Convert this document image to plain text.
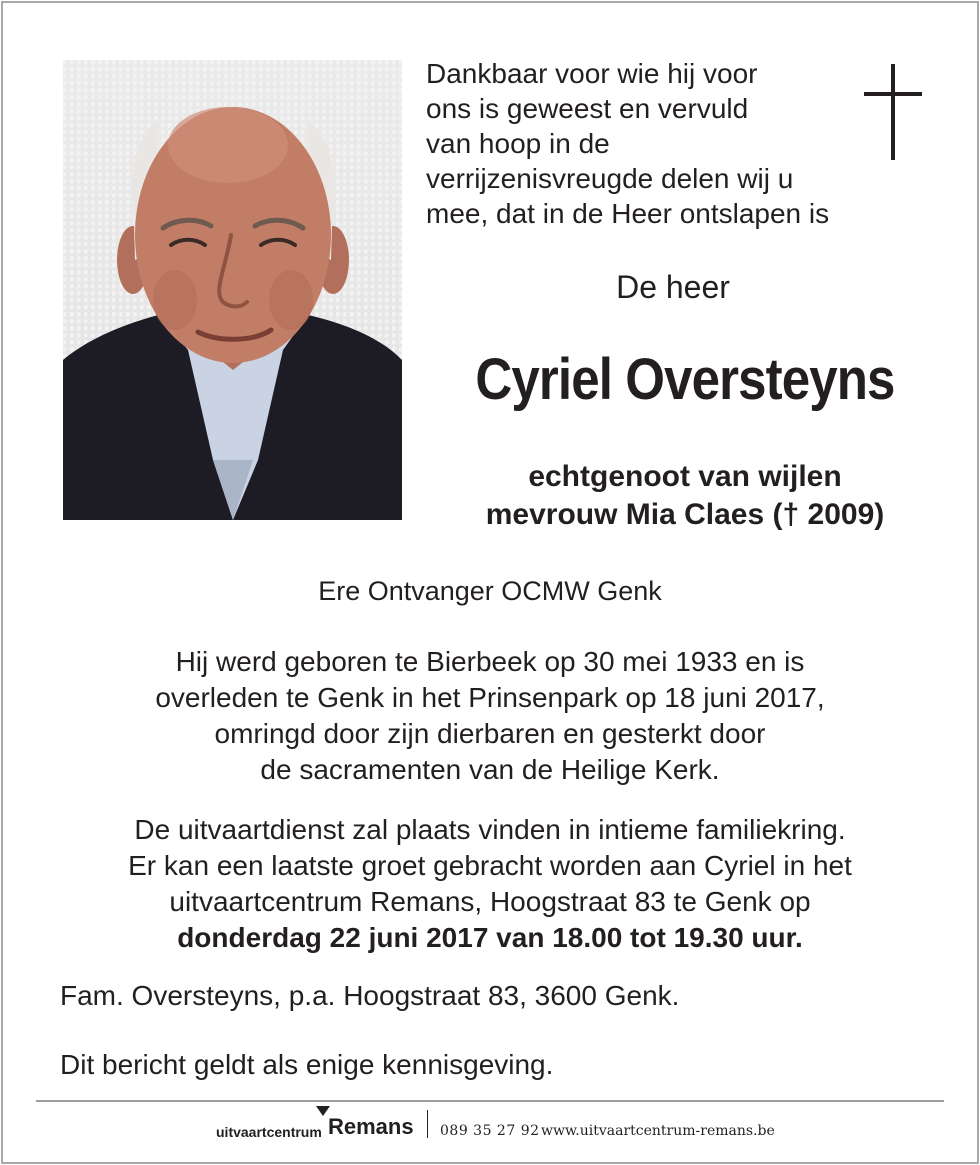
Dankbaar voor wie hij voor
ons is geweest en vervuld
van hoop in de
verrijzenisvreugde delen wij u
mee, dat in de Heer ontslapen is
De heer
Cyriel Oversteyns
echtgenoot van wijlen
mevrouw Mia Claes († 2009)
Ere Ontvanger OCMW Genk
Hij werd geboren te Bierbeek op 30 mei 1933 en is
overleden te Genk in het Prinsenpark op 18 juni 2017,
omringd door zijn dierbaren en gesterkt door
de sacramenten van de Heilige Kerk.
De uitvaartdienst zal plaats vinden in intieme familiekring.
Er kan een laatste groet gebracht worden aan Cyriel in het
uitvaartcentrum Remans, Hoogstraat 83 te Genk op
donderdag 22 juni 2017 van 18.00 tot 19.30 uur.
Fam. Oversteyns, p.a. Hoogstraat 83, 3600 Genk.
Dit bericht geldt als enige kennisgeving.
uitvaartcentrum Remans 089 35 27 92 www.uitvaartcentrum-remans.be
